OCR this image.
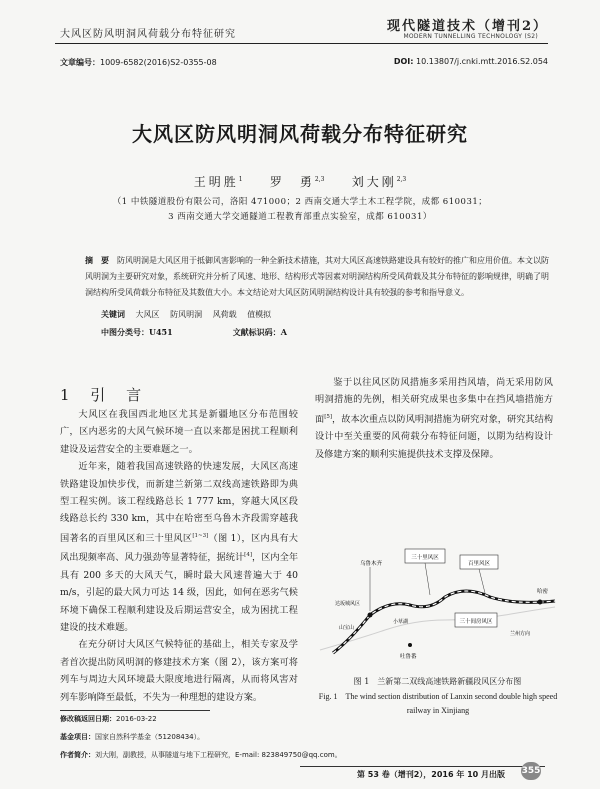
大风区防风明洞风荷载分布特征研究
现代隧道技术（增刊2）
MODERN TUNNELLING TECHNOLOGY (S2)
文章编号：1009-6582(2016)S2-0355-08	DOI: 10.13807/j.cnki.mtt.2016.S2.054
大风区防风明洞风荷载分布特征研究
王明胜$^1$ 罗　勇$^{2,3}$ 刘大刚$^{2,3}$
（1 中铁隧道股份有限公司，洛阳 471000；2 西南交通大学土木工程学院，成都 610031；
3 西南交通大学交通隧道工程教育部重点实验室，成都 610031）
摘　要 防风明洞是大风区用于抵御风害影响的一种全新技术措施，其对大风区高速铁路建设具有较好的推广和应用价值。本文以防风明洞为主要研究对象，系统研究并分析了风速、地形、结构形式等因素对明洞结构所受风荷载及其分布特征的影响规律，明确了明洞结构所受风荷载分布特征及其数值大小。本文结论对大风区防风明洞结构设计具有较强的参考和指导意义。
关键词 大风区 防风明洞 风荷载 值模拟
中图分类号：U451	文献标识码：A
1 引 言

大风区在我国西北地区尤其是新疆地区分布范围较广，区内恶劣的大风气候环境一直以来都是困扰工程顺利建设及运营安全的主要难题之一。

近年来，随着我国高速铁路的快速发展，大风区高速铁路建设加快步伐，而新建兰新第二双线高速铁路即为典型工程实例。该工程线路总长 1 777 km，穿越大风区段线路总长约 330 km，其中在哈密至乌鲁木齐段需穿越我国著名的百里风区和三十里风区[1~3]（图 1），区内具有大风出现频率高、风力强劲等显著特征，据统计[4]，区内全年具有 200 多天的大风天气，瞬时最大风速普遍大于 40 m/s，引起的最大风力可达 14 级，因此，如何在恶劣气候环境下确保工程顺利建设及后期运营安全，成为困扰工程建设的技术难题。

在充分研讨大风区气候特征的基础上，相关专家及学者首次提出防风明洞的修建技术方案（图 2），该方案可将列车与周边大风环境最大限度地进行隔离，从而将风害对列车影响降至最低，不失为一种理想的建设方案。

鉴于以往风区防风措施多采用挡风墙，尚无采用防风明洞措施的先例，相关研究成果也多集中在挡风墙措施方面[5]，故本次重点以防风明洞措施为研究对象，研究其结构设计中至关重要的风荷载分布特征问题，以期为结构设计及修建方案的顺利实施提供技术支撑及保障。

三十里风区
百里风区
三十间房风区
乌鲁木齐
哈密
达坂城风区
小草湖
山宝山
兰州方向
吐鲁番
图 1　兰新第二双线高速铁路新疆段风区分布图
Fig. 1　The wind section distribution of Lanxin second double high speed railway in Xinjiang
修改稿返回日期：2016-03-22
基金项目：国家自然科学基金（51208434）。
作者简介：刘大刚，副教授，从事隧道与地下工程研究，E-mail: 823849750@qq.com。
第 53 卷（增刊2），2016 年 10 月出版 355
